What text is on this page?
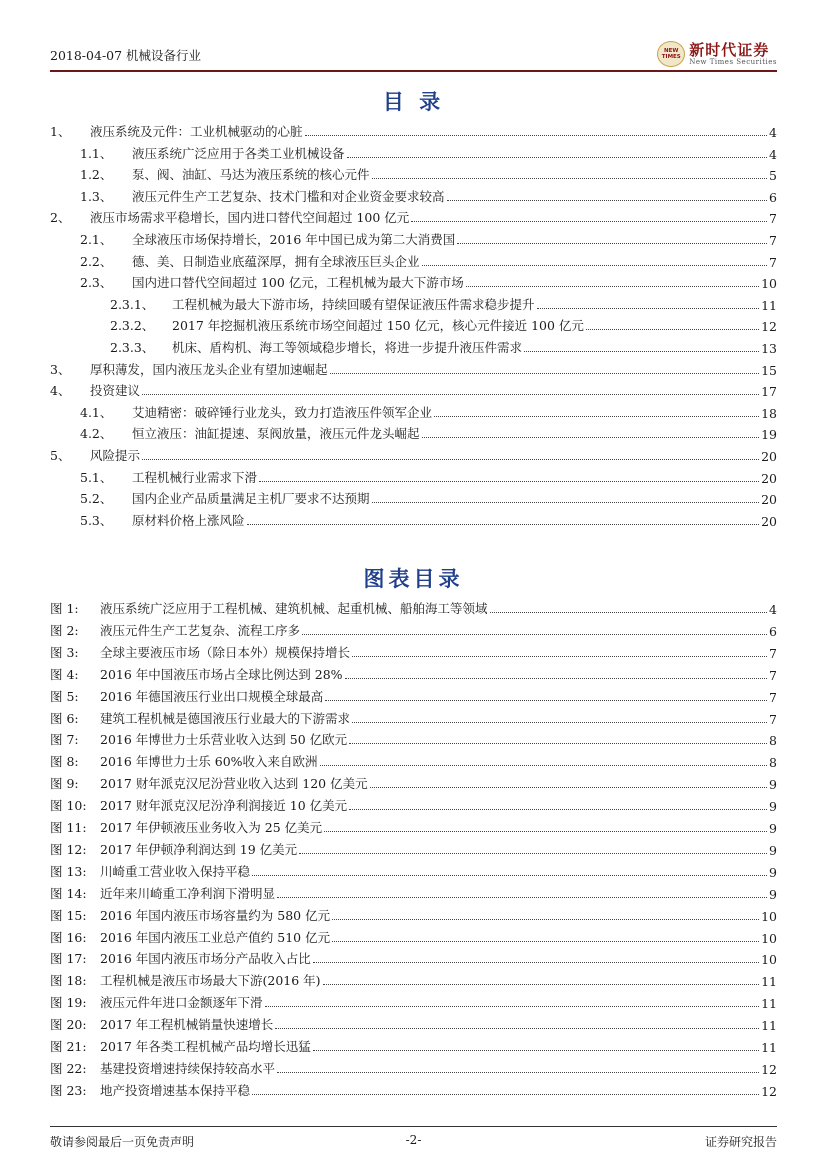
2018-04-07 机械设备行业	NEW TIMES 新时代证券
New Times Securities
目 录
1、	液压系统及元件：工业机械驱动的心脏	4
1.1、	液压系统广泛应用于各类工业机械设备	4
1.2、	泵、阀、油缸、马达为液压系统的核心元件	5
1.3、	液压元件生产工艺复杂、技术门槛和对企业资金要求较高	6
2、	液压市场需求平稳增长，国内进口替代空间超过 100 亿元	7
2.1、	全球液压市场保持增长，2016 年中国已成为第二大消费国	7
2.2、	德、美、日制造业底蕴深厚，拥有全球液压巨头企业	7
2.3、	国内进口替代空间超过 100 亿元，工程机械为最大下游市场	10
2.3.1、	工程机械为最大下游市场，持续回暖有望保证液压件需求稳步提升	11
2.3.2、	2017 年挖掘机液压系统市场空间超过 150 亿元，核心元件接近 100 亿元	12
2.3.3、	机床、盾构机、海工等领域稳步增长，将进一步提升液压件需求	13
3、	厚积薄发，国内液压龙头企业有望加速崛起	15
4、	投资建议	17
4.1、	艾迪精密：破碎锤行业龙头，致力打造液压件领军企业	18
4.2、	恒立液压：油缸提速、泵阀放量，液压元件龙头崛起	19
5、	风险提示	20
5.1、	工程机械行业需求下滑	20
5.2、	国内企业产品质量满足主机厂要求不达预期	20
5.3、	原材料价格上涨风险	20
图表目录
图 1:	液压系统广泛应用于工程机械、建筑机械、起重机械、船舶海工等领域	4
图 2:	液压元件生产工艺复杂、流程工序多	6
图 3:	全球主要液压市场（除日本外）规模保持增长	7
图 4:	2016 年中国液压市场占全球比例达到 28%	7
图 5:	2016 年德国液压行业出口规模全球最高	7
图 6:	建筑工程机械是德国液压行业最大的下游需求	7
图 7:	2016 年博世力士乐营业收入达到 50 亿欧元	8
图 8:	2016 年博世力士乐 60%收入来自欧洲	8
图 9:	2017 财年派克汉尼汾营业收入达到 120 亿美元	9
图 10:	2017 财年派克汉尼汾净利润接近 10 亿美元	9
图 11:	2017 年伊顿液压业务收入为 25 亿美元	9
图 12:	2017 年伊顿净利润达到 19 亿美元	9
图 13:	川崎重工营业收入保持平稳	9
图 14:	近年来川崎重工净利润下滑明显	9
图 15:	2016 年国内液压市场容量约为 580 亿元	10
图 16:	2016 年国内液压工业总产值约 510 亿元	10
图 17:	2016 年国内液压市场分产品收入占比	10
图 18:	工程机械是液压市场最大下游(2016 年)	11
图 19:	液压元件年进口金额逐年下滑	11
图 20:	2017 年工程机械销量快速增长	11
图 21:	2017 年各类工程机械产品均增长迅猛	11
图 22:	基建投资增速持续保持较高水平	12
图 23:	地产投资增速基本保持平稳	12
敬请参阅最后一页免责声明	-2-	证券研究报告
